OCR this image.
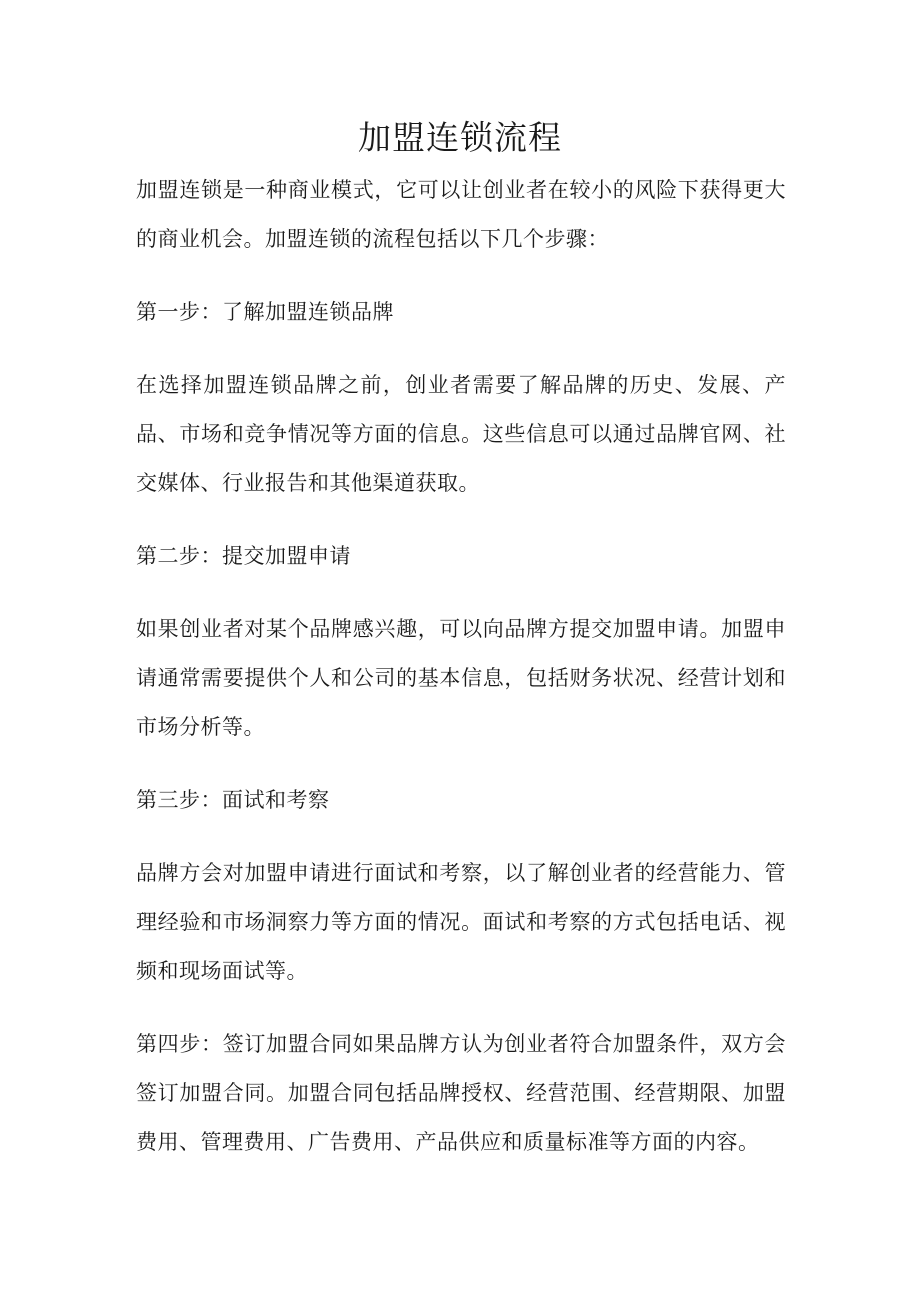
加盟连锁流程

加盟连锁是一种商业模式，它可以让创业者在较小的风险下获得更大的商业机会。加盟连锁的流程包括以下几个步骤：

第一步：了解加盟连锁品牌

在选择加盟连锁品牌之前，创业者需要了解品牌的历史、发展、产品、市场和竞争情况等方面的信息。这些信息可以通过品牌官网、社交媒体、行业报告和其他渠道获取。

第二步：提交加盟申请

如果创业者对某个品牌感兴趣，可以向品牌方提交加盟申请。加盟申请通常需要提供个人和公司的基本信息，包括财务状况、经营计划和市场分析等。

第三步：面试和考察

品牌方会对加盟申请进行面试和考察，以了解创业者的经营能力、管理经验和市场洞察力等方面的情况。面试和考察的方式包括电话、视频和现场面试等。

第四步：签订加盟合同如果品牌方认为创业者符合加盟条件，双方会签订加盟合同。加盟合同包括品牌授权、经营范围、经营期限、加盟费用、管理费用、广告费用、产品供应和质量标准等方面的内容。
